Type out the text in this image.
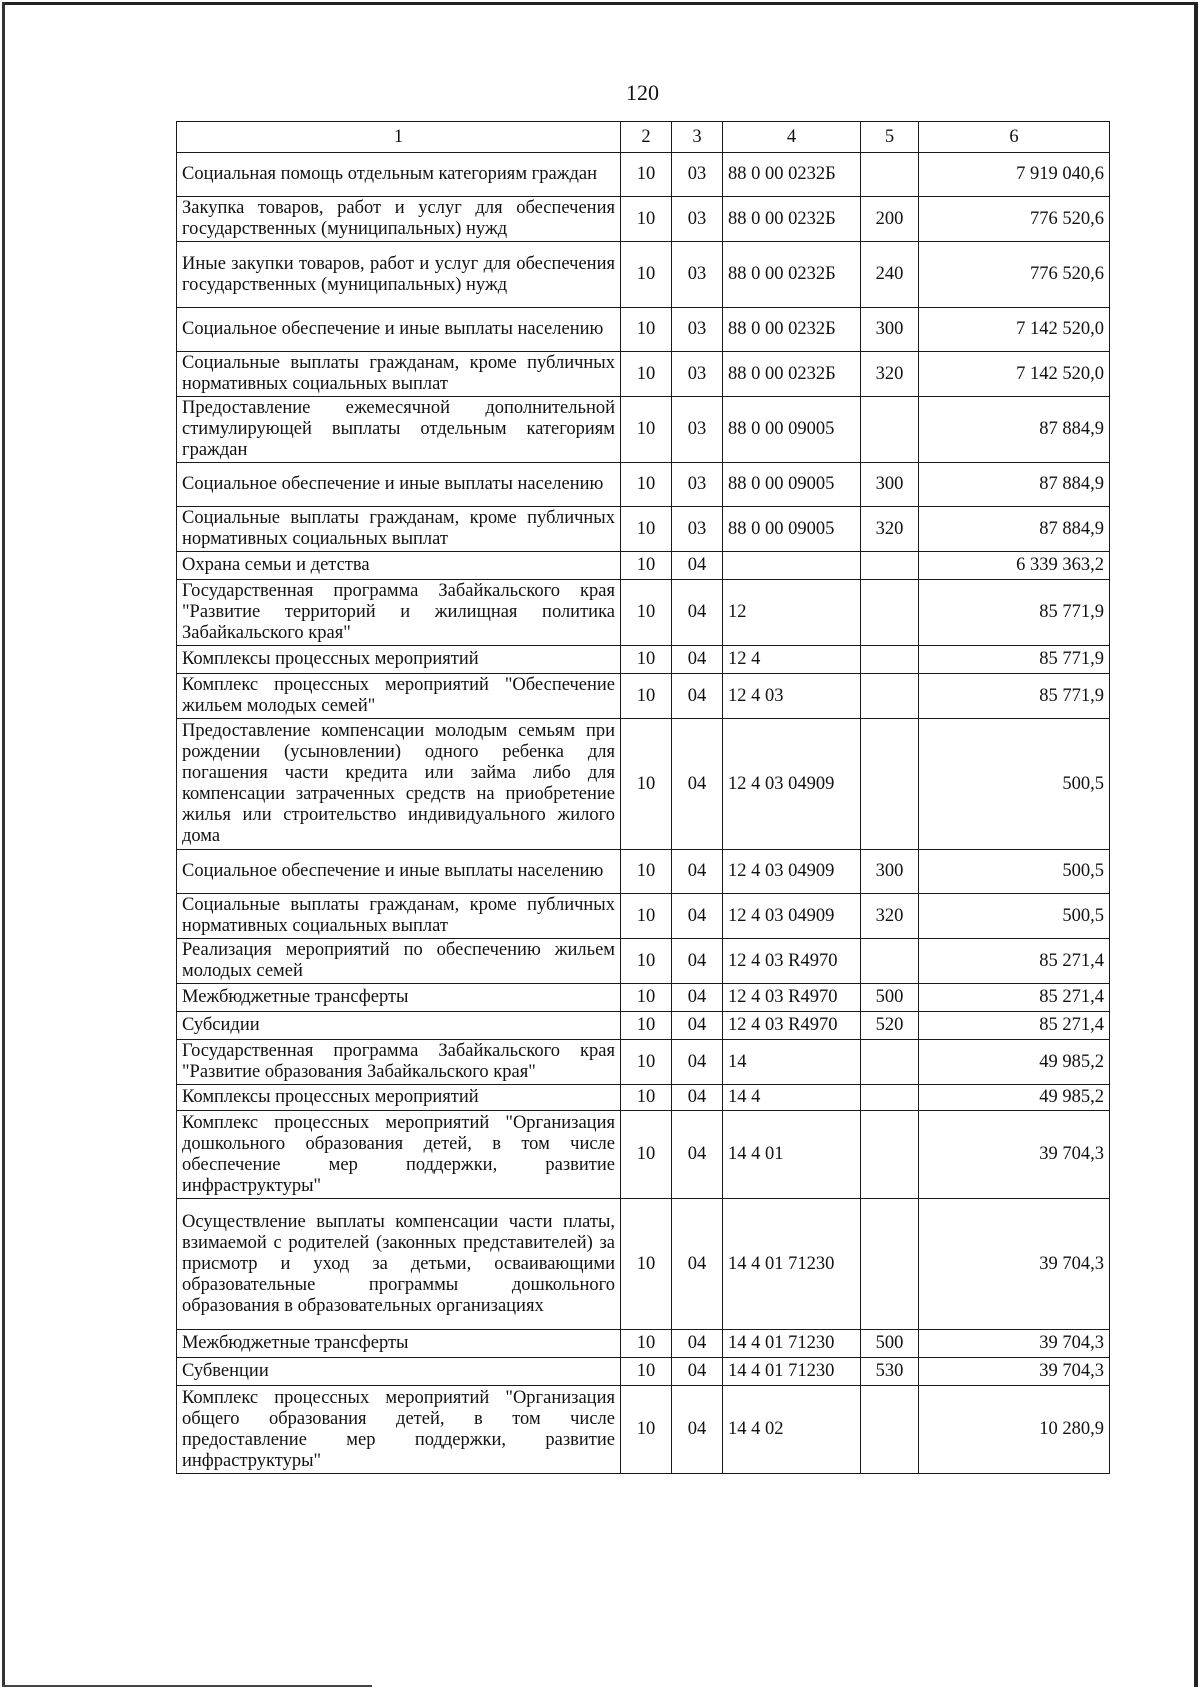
120
1	2	3	4	5	6
Социальная помощь отдельным категориям граждан	10	03	88 0 00 0232Б		7 919 040,6
Закупка товаров, работ и услуг для обеспечения государственных (муниципальных) нужд	10	03	88 0 00 0232Б	200	776 520,6
Иные закупки товаров, работ и услуг для обеспечения государственных (муниципальных) нужд	10	03	88 0 00 0232Б	240	776 520,6
Социальное обеспечение и иные выплаты населению	10	03	88 0 00 0232Б	300	7 142 520,0
Социальные выплаты гражданам, кроме публичных нормативных социальных выплат	10	03	88 0 00 0232Б	320	7 142 520,0
Предоставление ежемесячной дополнительной стимулирующей выплаты отдельным категориям граждан	10	03	88 0 00 09005		87 884,9
Социальное обеспечение и иные выплаты населению	10	03	88 0 00 09005	300	87 884,9
Социальные выплаты гражданам, кроме публичных нормативных социальных выплат	10	03	88 0 00 09005	320	87 884,9
Охрана семьи и детства	10	04			6 339 363,2
Государственная программа Забайкальского края "Развитие территорий и жилищная политика Забайкальского края"	10	04	12		85 771,9
Комплексы процессных мероприятий	10	04	12 4		85 771,9
Комплекс процессных мероприятий "Обеспечение жильем молодых семей"	10	04	12 4 03		85 771,9
Предоставление компенсации молодым семьям при рождении (усыновлении) одного ребенка для погашения части кредита или займа либо для компенсации затраченных средств на приобретение жилья или строительство индивидуального жилого дома	10	04	12 4 03 04909		500,5
Социальное обеспечение и иные выплаты населению	10	04	12 4 03 04909	300	500,5
Социальные выплаты гражданам, кроме публичных нормативных социальных выплат	10	04	12 4 03 04909	320	500,5
Реализация мероприятий по обеспечению жильем молодых семей	10	04	12 4 03 R4970		85 271,4
Межбюджетные трансферты	10	04	12 4 03 R4970	500	85 271,4
Субсидии	10	04	12 4 03 R4970	520	85 271,4
Государственная программа Забайкальского края "Развитие образования Забайкальского края"	10	04	14		49 985,2
Комплексы процессных мероприятий	10	04	14 4		49 985,2
Комплекс процессных мероприятий "Организация дошкольного образования детей, в том числе обеспечение мер поддержки, развитие инфраструктуры"	10	04	14 4 01		39 704,3
Осуществление выплаты компенсации части платы, взимаемой с родителей (законных представителей) за присмотр и уход за детьми, осваивающими образовательные программы дошкольного образования в образовательных организациях	10	04	14 4 01 71230		39 704,3
Межбюджетные трансферты	10	04	14 4 01 71230	500	39 704,3
Субвенции	10	04	14 4 01 71230	530	39 704,3
Комплекс процессных мероприятий "Организация общего образования детей, в том числе предоставление мер поддержки, развитие инфраструктуры"	10	04	14 4 02		10 280,9
